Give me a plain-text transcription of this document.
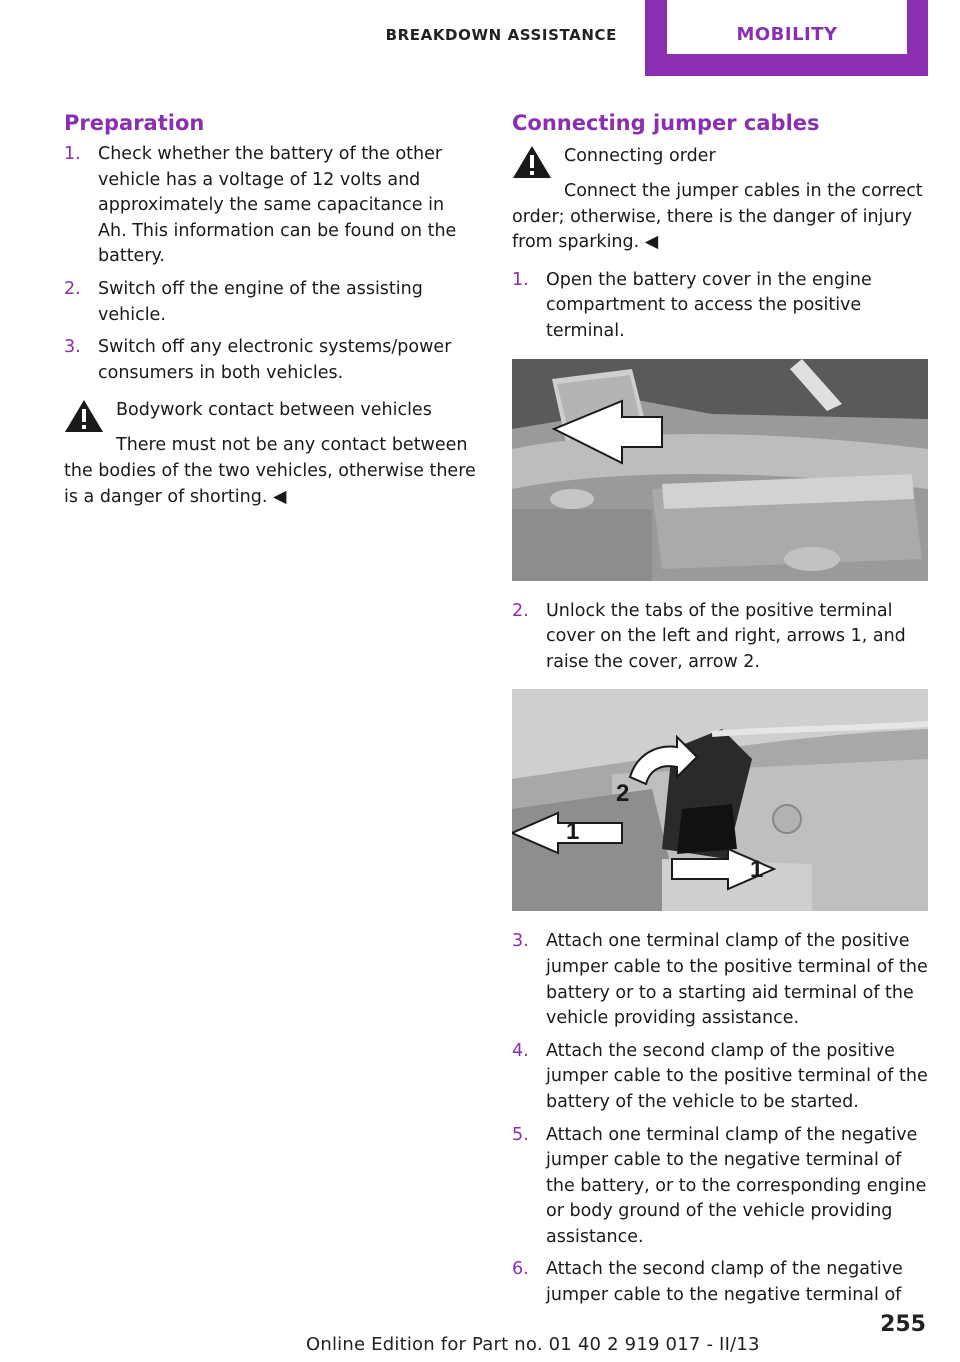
BREAKDOWN ASSISTANCE	MOBILITY
Preparation
1. Check whether the battery of the other vehicle has a voltage of 12 volts and approximately the same capacitance in Ah. This information can be found on the battery.
2. Switch off the engine of the assisting vehicle.
3. Switch off any electronic systems/power consumers in both vehicles.
Bodywork contact between vehicles
There must not be any contact between the bodies of the two vehicles, otherwise there is a danger of shorting. ◀
Connecting jumper cables
Connecting order
Connect the jumper cables in the correct order; otherwise, there is the danger of injury from sparking. ◀
1. Open the battery cover in the engine compartment to access the positive terminal.
2. Unlock the tabs of the positive terminal cover on the left and right, arrows 1, and raise the cover, arrow 2.
1
2
1
3. Attach one terminal clamp of the positive jumper cable to the positive terminal of the battery or to a starting aid terminal of the vehicle providing assistance.
4. Attach the second clamp of the positive jumper cable to the positive terminal of the battery of the vehicle to be started.
5. Attach one terminal clamp of the negative jumper cable to the negative terminal of the battery, or to the corresponding engine or body ground of the vehicle providing assistance.
6. Attach the second clamp of the negative jumper cable to the negative terminal of
Online Edition for Part no. 01 40 2 919 017 - II/13
255
